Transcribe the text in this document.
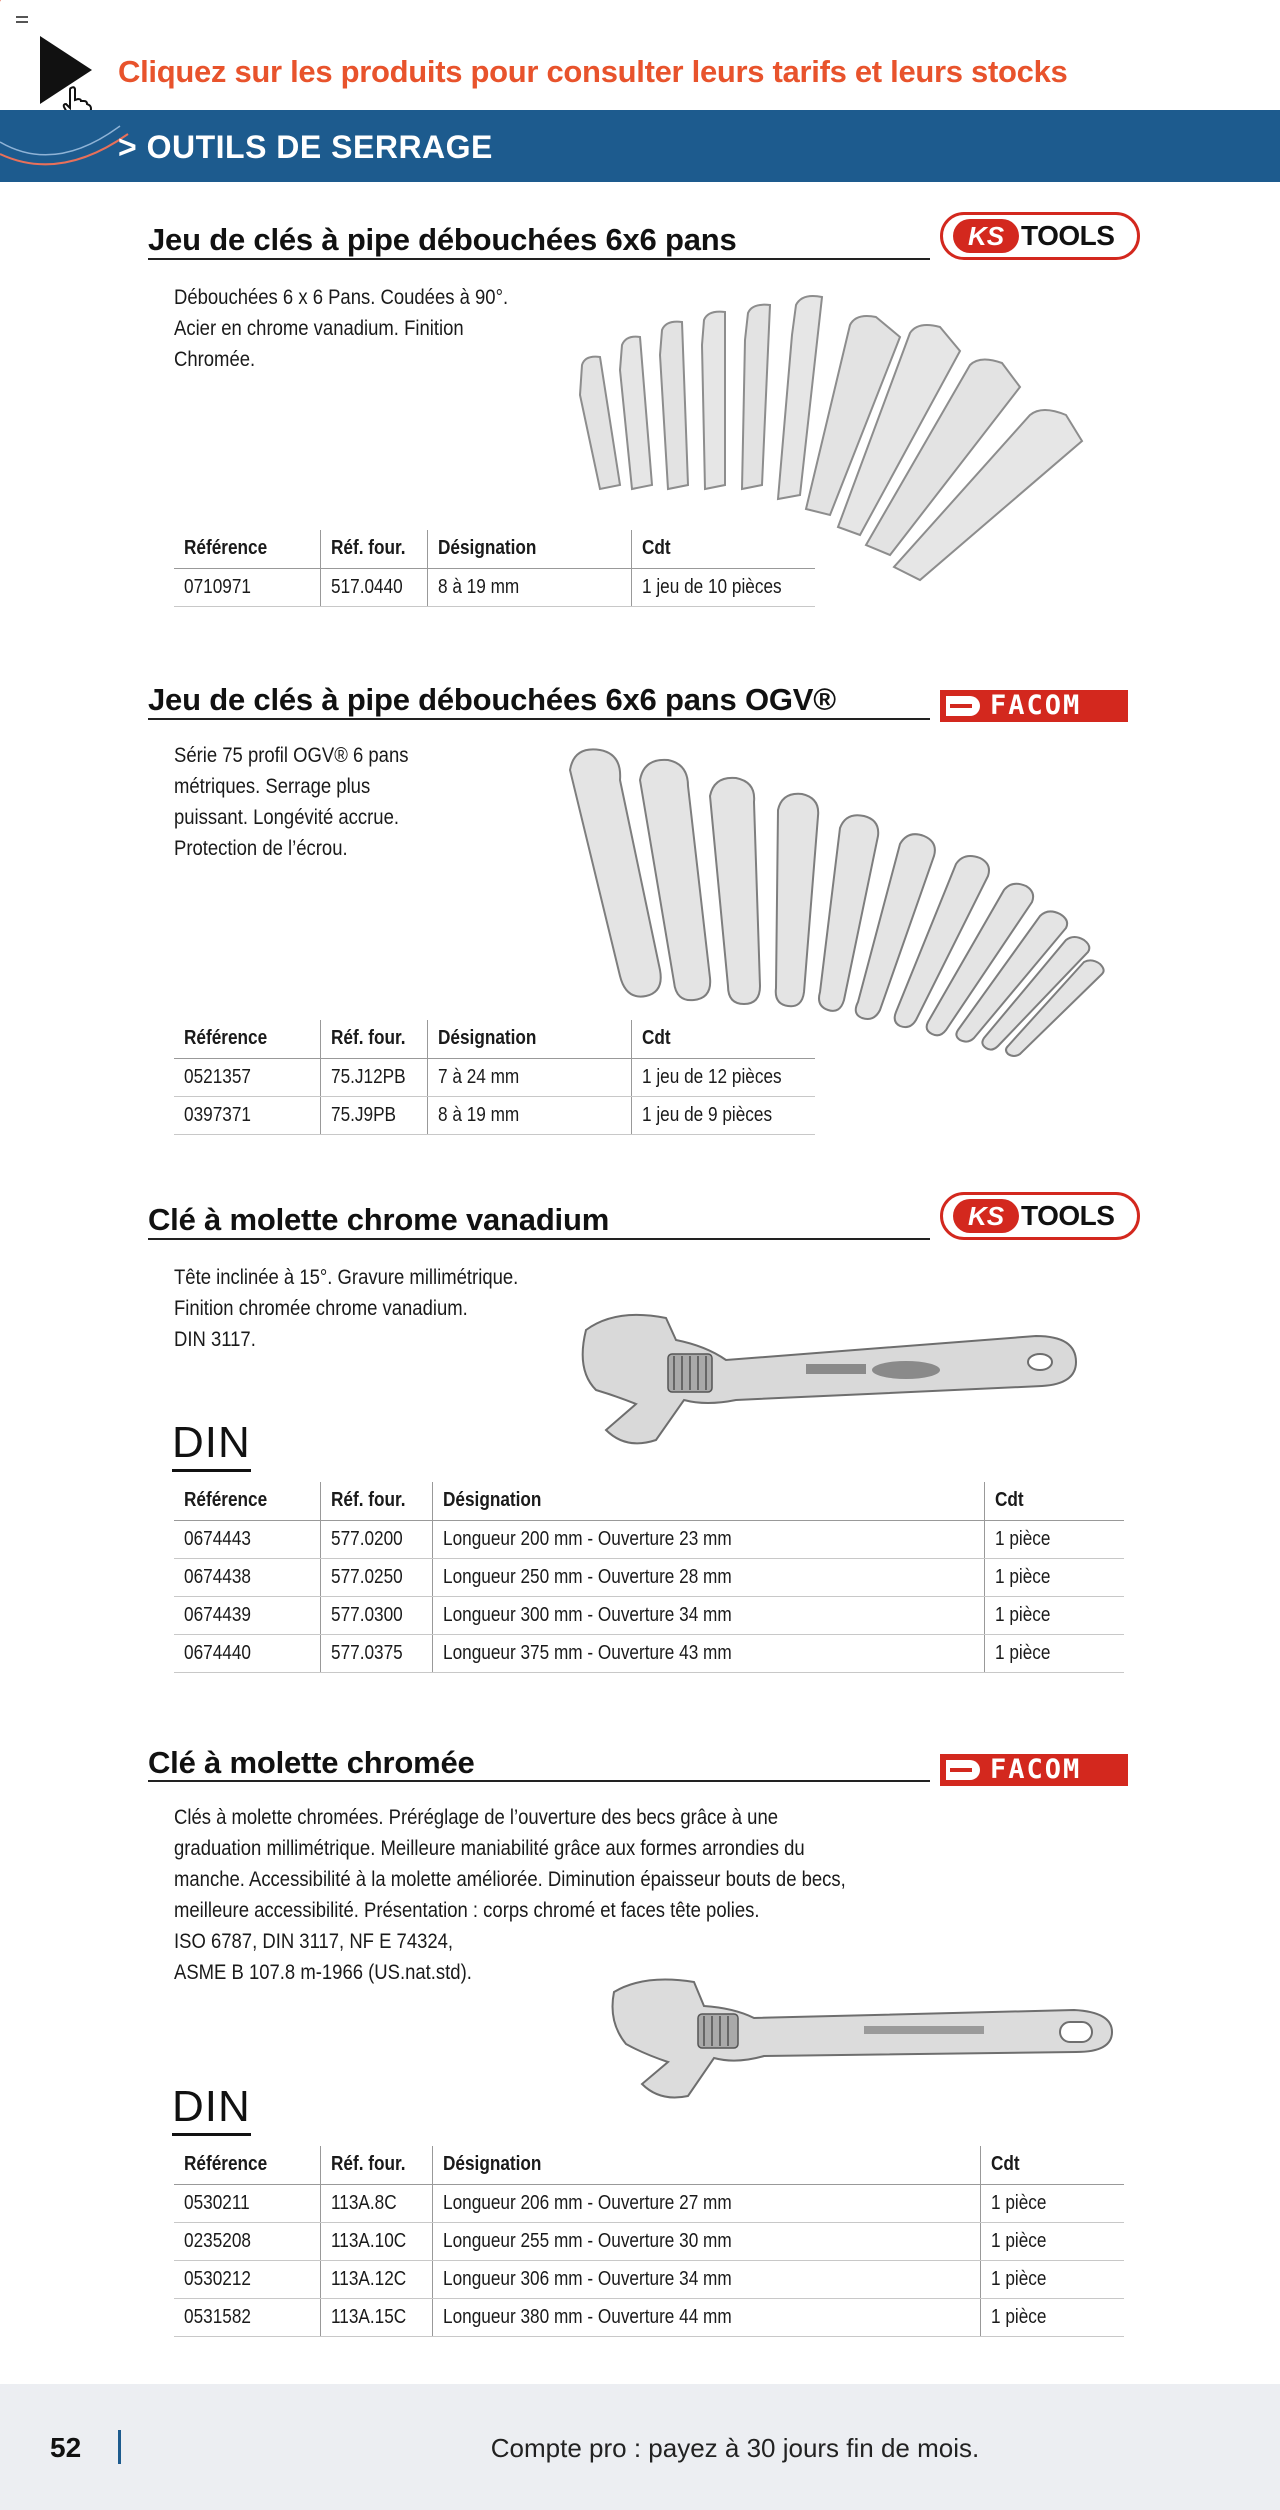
Cliquez sur les produits pour consulter leurs tarifs et leurs stocks
> OUTILS DE SERRAGE
Jeu de clés à pipe débouchées 6x6 pans	KS TOOLS
Débouchées 6 x 6 Pans. Coudées à 90°.
Acier en chrome vanadium. Finition
Chromée.
Référence	Réf. four.	Désignation	Cdt
0710971	517.0440	8 à 19 mm	1 jeu de 10 pièces
Jeu de clés à pipe débouchées 6x6 pans OGV®	FACOM
Série 75 profil OGV® 6 pans
métriques. Serrage plus
puissant. Longévité accrue.
Protection de l’écrou.
Référence	Réf. four.	Désignation	Cdt
0521357	75.J12PB	7 à 24 mm	1 jeu de 12 pièces
0397371	75.J9PB	8 à 19 mm	1 jeu de 9 pièces
Clé à molette chrome vanadium	KS TOOLS
Tête inclinée à 15°. Gravure millimétrique.
Finition chromée chrome vanadium.
DIN 3117.
DIN
Référence	Réf. four.	Désignation	Cdt
0674443	577.0200	Longueur 200 mm - Ouverture 23 mm	1 pièce
0674438	577.0250	Longueur 250 mm - Ouverture 28 mm	1 pièce
0674439	577.0300	Longueur 300 mm - Ouverture 34 mm	1 pièce
0674440	577.0375	Longueur 375 mm - Ouverture 43 mm	1 pièce
Clé à molette chromée	FACOM
Clés à molette chromées. Préréglage de l’ouverture des becs grâce à une
graduation millimétrique. Meilleure maniabilité grâce aux formes arrondies du
manche. Accessibilité à la molette améliorée. Diminution épaisseur bouts de becs,
meilleure accessibilité. Présentation : corps chromé et faces tête polies.
ISO 6787, DIN 3117, NF E 74324,
ASME B 107.8 m-1966 (US.nat.std).
DIN
Référence	Réf. four.	Désignation	Cdt
0530211	113A.8C	Longueur 206 mm - Ouverture 27 mm	1 pièce
0235208	113A.10C	Longueur 255 mm - Ouverture 30 mm	1 pièce
0530212	113A.12C	Longueur 306 mm - Ouverture 34 mm	1 pièce
0531582	113A.15C	Longueur 380 mm - Ouverture 44 mm	1 pièce
52	Compte pro : payez à 30 jours fin de mois.
